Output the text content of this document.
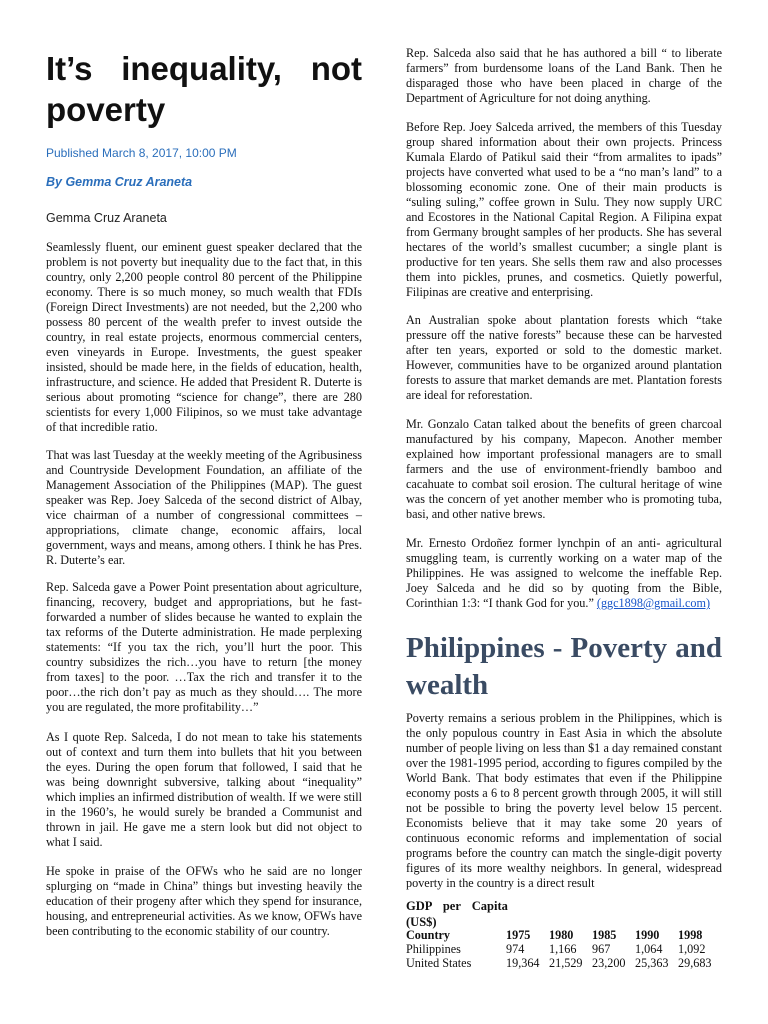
It’s inequality, not poverty
Published March 8, 2017, 10:00 PM
By Gemma Cruz Araneta
Gemma Cruz Araneta

Seamlessly fluent, our eminent guest speaker declared that the problem is not poverty but inequality due to the fact that, in this country, only 2,200 people control 80 percent of the Philippine economy. There is so much money, so much wealth that FDIs (Foreign Direct Investments) are not needed, but the 2,200 who possess 80 percent of the wealth prefer to invest outside the country, in real estate projects, enormous commercial centers, even vineyards in Europe. Investments, the guest speaker insisted, should be made here, in the fields of education, health, infrastructure, and science. He added that President R. Duterte is serious about promoting “science for change”, there are 280 scientists for every 1,000 Filipinos, so we must take advantage of that incredible ratio.

That was last Tuesday at the weekly meeting of the Agribusiness and Countryside Development Foundation, an affiliate of the Management Association of the Philippines (MAP). The guest speaker was Rep. Joey Salceda of the second district of Albay, vice chairman of a number of congressional committees – appropriations, climate change, economic affairs, local government, ways and means, among others. I think he has Pres. R. Duterte’s ear.

Rep. Salceda gave a Power Point presentation about agriculture, financing, recovery, budget and appropriations, but he fast-forwarded a number of slides because he wanted to explain the tax reforms of the Duterte administration. He made perplexing statements: “If you tax the rich, you’ll hurt the poor. This country subsidizes the rich…you have to return [the money from taxes] to the poor. …Tax the rich and transfer it to the poor…the rich don’t pay as much as they should…. The more you are regulated, the more profitability…”

As I quote Rep. Salceda, I do not mean to take his statements out of context and turn them into bullets that hit you between the eyes. During the open forum that followed, I said that he was being downright subversive, talking about “inequality” which implies an infirmed distribution of wealth. If we were still in the 1960’s, he would surely be branded a Communist and thrown in jail. He gave me a stern look but did not object to what I said.

He spoke in praise of the OFWs who he said are no longer splurging on “made in China” things but investing heavily the education of their progeny after which they spend for insurance, housing, and entrepreneurial activities. As we know, OFWs have been contributing to the economic stability of our country.

Rep. Salceda also said that he has authored a bill “ to liberate farmers” from burdensome loans of the Land Bank. Then he disparaged those who have been placed in charge of the Department of Agriculture for not doing anything.

Before Rep. Joey Salceda arrived, the members of this Tuesday group shared information about their own projects. Princess Kumala Elardo of Patikul said their “from armalites to ipads” projects have converted what used to be a “no man’s land” to a blossoming economic zone. One of their main products is “suling suling,” coffee grown in Sulu. They now supply URC and Ecostores in the National Capital Region. A Filipina expat from Germany brought samples of her products. She has several hectares of the world’s smallest cucumber; a single plant is productive for ten years. She sells them raw and also processes them into pickles, prunes, and cosmetics. Quietly powerful, Filipinas are creative and enterprising.

An Australian spoke about plantation forests which “take pressure off the native forests” because these can be harvested after ten years, exported or sold to the domestic market. However, communities have to be organized around plantation forests to assure that market demands are met. Plantation forests are ideal for reforestation.

Mr. Gonzalo Catan talked about the benefits of green charcoal manufactured by his company, Mapecon. Another member explained how important professional managers are to small farmers and the use of environment-friendly bamboo and cacahuate to combat soil erosion. The cultural heritage of wine was the concern of yet another member who is promoting tuba, basi, and other native brews.

Mr. Ernesto Ordoñez former lynchpin of an anti- agricultural smuggling team, is currently working on a water map of the Philippines. He was assigned to welcome the ineffable Rep. Joey Salceda and he did so by quoting from the Bible, Corinthian 1:3: “I thank God for you.” (ggc1898@gmail.com)

Philippines - Poverty and wealth

Poverty remains a serious problem in the Philippines, which is the only populous country in East Asia in which the absolute number of people living on less than $1 a day remained constant over the 1981-1995 period, according to figures compiled by the World Bank. That body estimates that even if the Philippine economy posts a 6 to 8 percent growth through 2005, it will still not be possible to bring the poverty level below 15 percent. Economists believe that it may take some 20 years of continuous economic reforms and implementation of social programs before the country can match the single-digit poverty figures of its more wealthy neighbors. In general, widespread poverty in the country is a direct result

GDP per Capita
(US$)
Country	1975	1980	1985	1990	1998
Philippines	974	1,166	967	1,064	1,092
United States	19,364	21,529	23,200	25,363	29,683
